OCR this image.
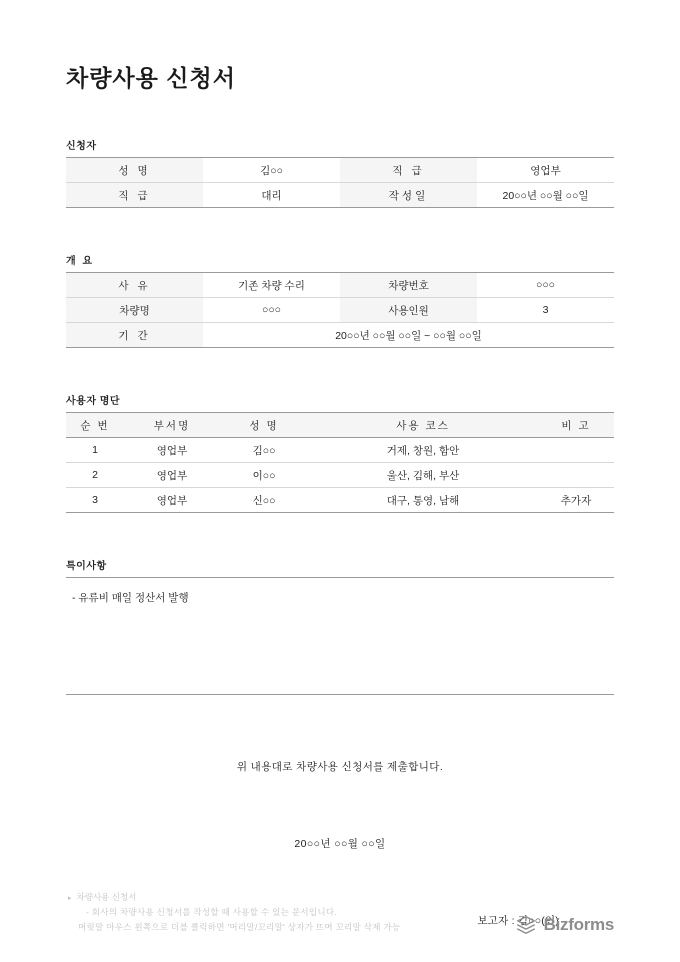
차량사용 신청서
신청자
성 명	김○○	직 급	영업부
직 급	대리	작성일	20○○년 ○○월 ○○일
개 요
사 유	기존 차량 수리	차량번호	○○○
차량명	○○○	사용인원	3
기 간	20○○년 ○○월 ○○일 ~ ○○월 ○○일		
사용자 명단
순 번	부서명	성 명	사용 코스	비 고
1	영업부	김○○	거제, 창원, 함안	
2	영업부	이○○	울산, 김해, 부산	
3	영업부	신○○	대구, 통영, 남해	추가자
특이사항
- 유류비 매일 정산서 발행
위 내용대로 차량사용 신청서를 제출합니다.
20○○년 ○○월 ○○일
보고자 : 김○○(인)
▸ 차량사용 신청서
- 회사의 차량사용 신청서를 작성할 때 사용할 수 있는 문서입니다.
머릿말 마우스 왼쪽으로 더블 클릭하면 '머리말/꼬리말' 상자가 뜨며 꼬리말 삭제 가능	Bizforms
